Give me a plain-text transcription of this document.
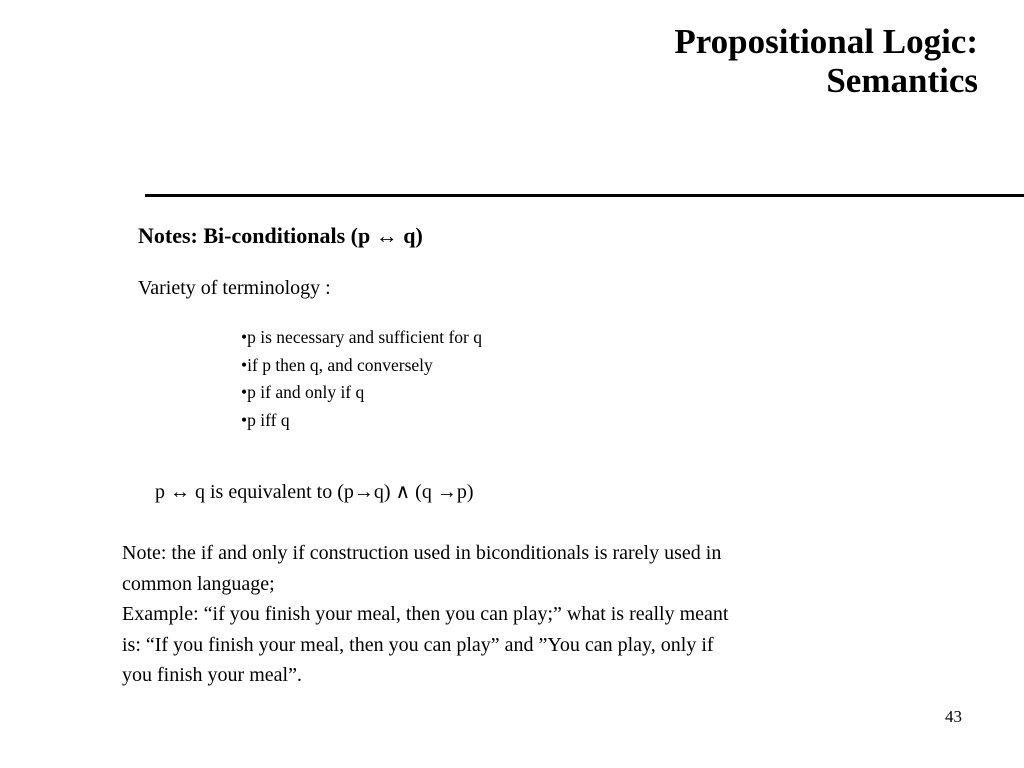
Propositional Logic:
Semantics
Notes: Bi-conditionals (p ↔ q)
Variety of terminology :
•p is necessary and sufficient for q
•if p then q, and conversely
•p if and only if q
•p iff q
p ↔ q is equivalent to (p→q) ∧ (q →p)
Note: the if and only if construction used in biconditionals is rarely used in
common language;
Example: “if you finish your meal, then you can play;” what is really meant
is: “If you finish your meal, then you can play” and ”You can play, only if
you finish your meal”.
43
